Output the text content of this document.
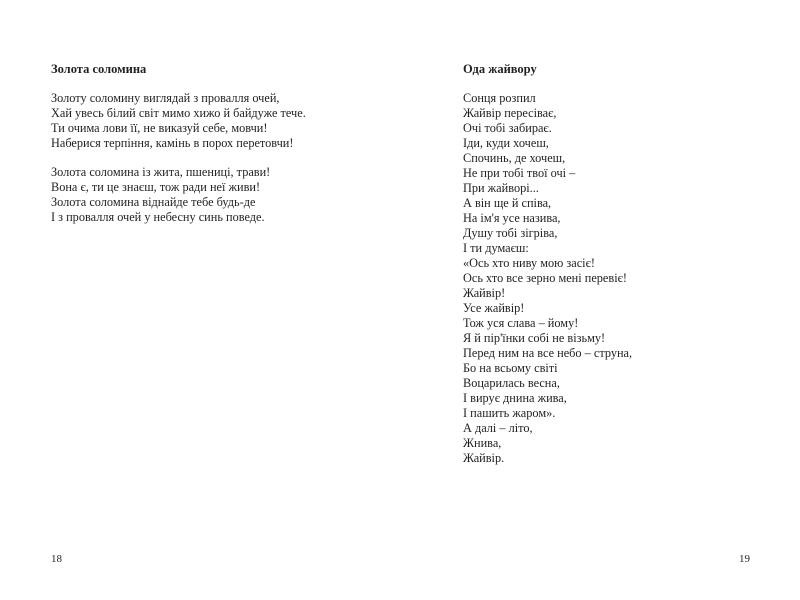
Золота соломина
Золоту соломину виглядай з провалля очей,
Хай увесь білий світ мимо хижо й байдуже тече.
Ти очима лови її, не виказуй себе, мовчи!
Наберися терпіння, камінь в порох перетовчи!
Золота соломина із жита, пшениці, трави!
Вона є, ти це знаєш, тож ради неї живи!
Золота соломина віднайде тебе будь-де
І з провалля очей у небесну синь поведе.
18
Ода жайвору
Сонця розпил
Жайвір пересіває,
Очі тобі забирає.
Іди, куди хочеш,
Спочинь, де хочеш,
Не при тобі твої очі –
При жайворі...
А він ще й співа,
На ім'я усе назива,
Душу тобі зігріва,
І ти думаєш:
«Ось хто ниву мою засіє!
Ось хто все зерно мені перевіє!
Жайвір!
Усе жайвір!
Тож уся слава – йому!
Я й пір'їнки собі не візьму!
Перед ним на все небо – струна,
Бо на всьому світі
Воцарилась весна,
І вирує днина жива,
І пашить жаром».
А далі – літо,
Жнива,
Жайвір.
19
